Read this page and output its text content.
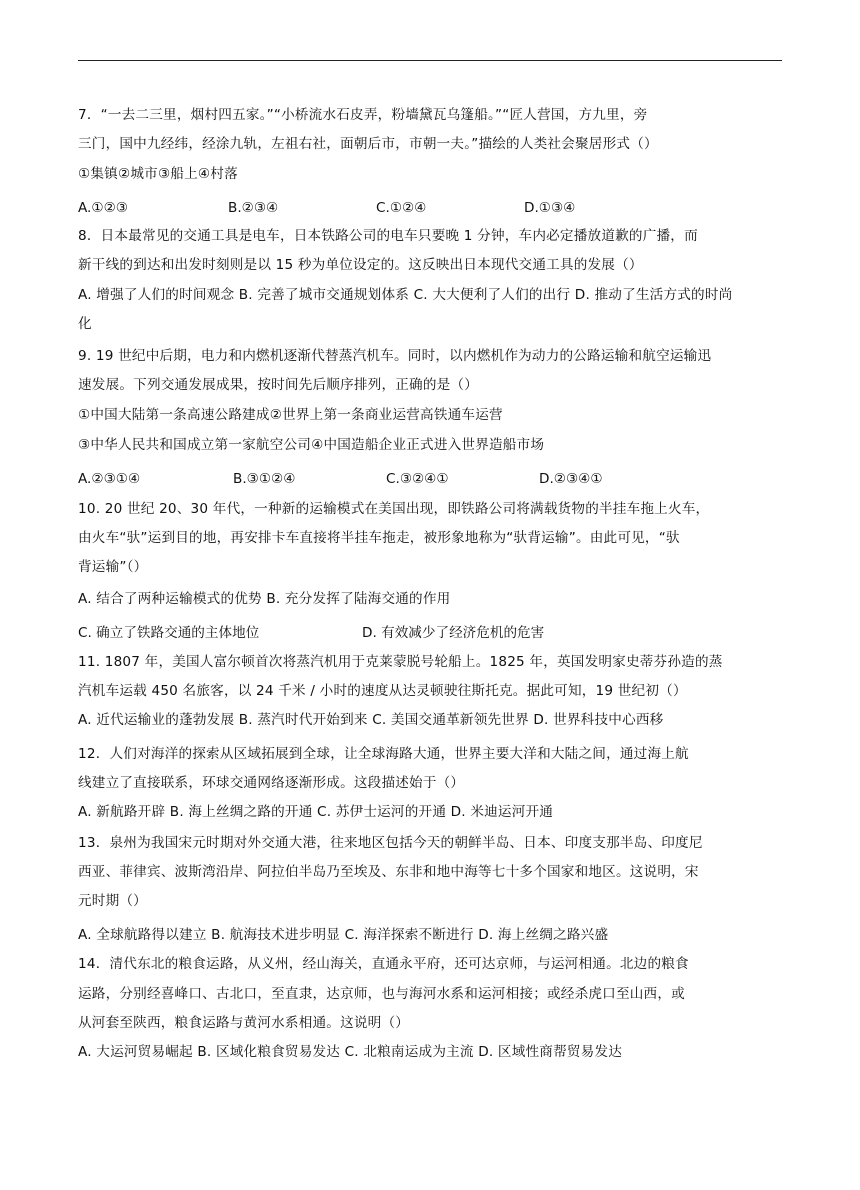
7．“一去二三里，烟村四五家。”“小桥流水石皮弄，粉墙黛瓦乌篷船。”“匠人营国，方九里，旁
三门，国中九经纬，经涂九轨，左祖右社，面朝后市，市朝一夫。”描绘的人类社会聚居形式（）
①集镇②城市③船上④村落
A.①②③	B.②③④	C.①②④	D.①③④
8．日本最常见的交通工具是电车，日本铁路公司的电车只要晚 1 分钟，车内必定播放道歉的广播，而
新干线的到达和出发时刻则是以 15 秒为单位设定的。这反映出日本现代交通工具的发展（）
A. 增强了人们的时间观念 B. 完善了城市交通规划体系 C. 大大便利了人们的出行 D. 推动了生活方式的时尚
化
9. 19 世纪中后期，电力和内燃机逐渐代替蒸汽机车。同时，以内燃机作为动力的公路运输和航空运输迅
速发展。下列交通发展成果，按时间先后顺序排列，正确的是（）
①中国大陆第一条高速公路建成②世界上第一条商业运营高铁通车运营
③中华人民共和国成立第一家航空公司④中国造船企业正式进入世界造船市场
A.②③①④	B.③①②④	C.③②④①	D.②③④①
10. 20 世纪 20、30 年代，一种新的运输模式在美国出现，即铁路公司将满载货物的半挂车拖上火车，
由火车“驮”运到目的地，再安排卡车直接将半挂车拖走，被形象地称为“驮背运输”。由此可见，“驮
背运输”（）
A. 结合了两种运输模式的优势 B. 充分发挥了陆海交通的作用
C. 确立了铁路交通的主体地位	D. 有效减少了经济危机的危害
11. 1807 年，美国人富尔顿首次将蒸汽机用于克莱蒙脱号轮船上。1825 年，英国发明家史蒂芬孙造的蒸
汽机车运载 450 名旅客，以 24 千米 / 小时的速度从达灵顿驶往斯托克。据此可知，19 世纪初（）
A. 近代运输业的蓬勃发展 B. 蒸汽时代开始到来 C. 美国交通革新领先世界 D. 世界科技中心西移
12．人们对海洋的探索从区域拓展到全球，让全球海路大通，世界主要大洋和大陆之间，通过海上航
线建立了直接联系，环球交通网络逐渐形成。这段描述始于（）
A. 新航路开辟 B. 海上丝绸之路的开通 C. 苏伊士运河的开通 D. 米迪运河开通
13．泉州为我国宋元时期对外交通大港，往来地区包括今天的朝鲜半岛、日本、印度支那半岛、印度尼
西亚、菲律宾、波斯湾沿岸、阿拉伯半岛乃至埃及、东非和地中海等七十多个国家和地区。这说明，宋
元时期（）
A. 全球航路得以建立 B. 航海技术进步明显 C. 海洋探索不断进行 D. 海上丝绸之路兴盛
14．清代东北的粮食运路，从义州，经山海关，直通永平府，还可达京师，与运河相通。北边的粮食
运路，分别经喜峰口、古北口，至直隶，达京师，也与海河水系和运河相接；或经杀虎口至山西，或
从河套至陕西，粮食运路与黄河水系相通。这说明（）
A. 大运河贸易崛起 B. 区域化粮食贸易发达 C. 北粮南运成为主流 D. 区域性商帮贸易发达
